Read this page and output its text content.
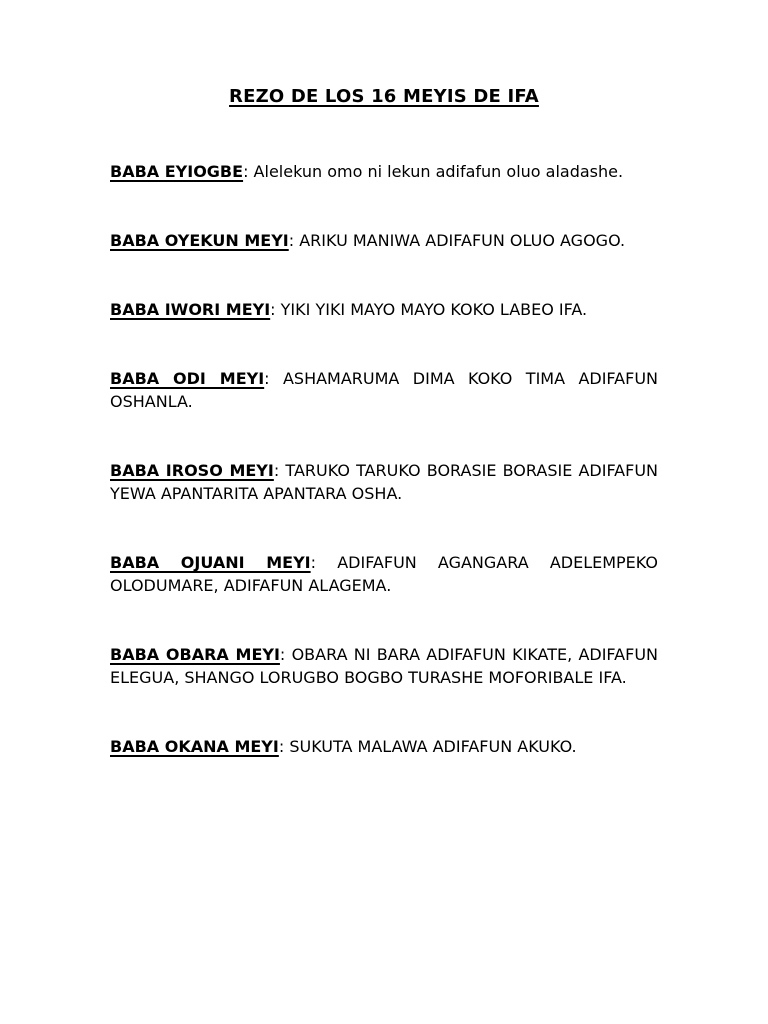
REZO DE LOS 16 MEYIS DE IFA

BABA EYIOGBE: Alelekun omo ni lekun adifafun oluo aladashe.

BABA OYEKUN MEYI: ARIKU MANIWA ADIFAFUN OLUO AGOGO.

BABA IWORI MEYI: YIKI YIKI MAYO MAYO KOKO LABEO IFA.

BABA ODI MEYI: ASHAMARUMA DIMA KOKO TIMA ADIFAFUN OSHANLA.

BABA IROSO MEYI: TARUKO TARUKO BORASIE BORASIE ADIFAFUN YEWA APANTARITA APANTARA OSHA.

BABA OJUANI MEYI: ADIFAFUN AGANGARA ADELEMPEKO OLODUMARE, ADIFAFUN ALAGEMA.

BABA OBARA MEYI: OBARA NI BARA ADIFAFUN KIKATE, ADIFAFUN ELEGUA, SHANGO LORUGBO BOGBO TURASHE MOFORIBALE IFA.

BABA OKANA MEYI: SUKUTA MALAWA ADIFAFUN AKUKO.
